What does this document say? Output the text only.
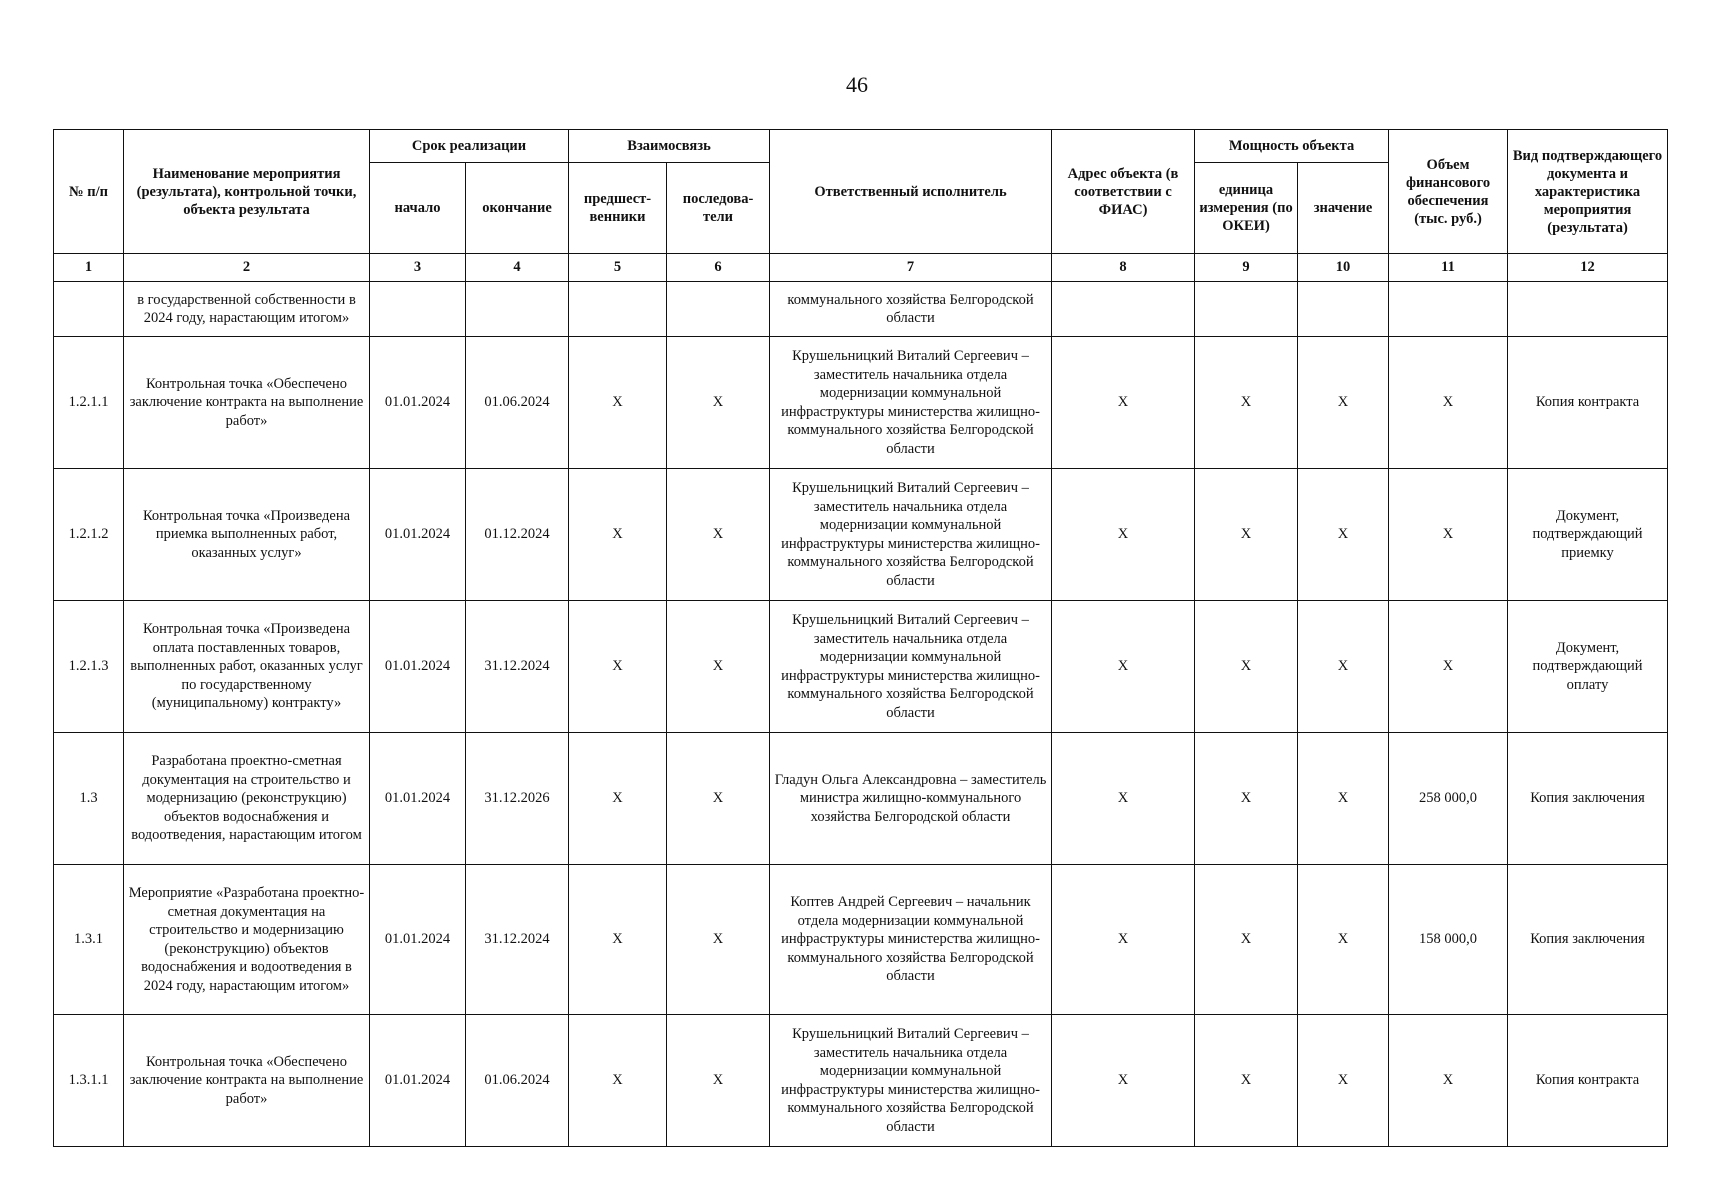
46
№ п/п	Наименование мероприятия (результата), контрольной точки, объекта результата	Срок реализации		Взаимосвязь		Ответственный исполнитель	Адрес объекта (в соответствии с ФИАС)	Мощность объекта		Объем финансового обеспечения (тыс. руб.)	Вид подтверждающего документа и характеристика мероприятия (результата)
		начало	окончание	предшест-венники	последова-тели			единица измерения (по ОКЕИ)	значение		
1	2	3	4	5	6	7	8	9	10	11	12
	в государственной собственности в 2024 году, нарастающим итогом»					коммунального хозяйства Белгородской области					
1.2.1.1	Контрольная точка «Обеспечено заключение контракта на выполнение работ»	01.01.2024	01.06.2024	X	X	Крушельницкий Виталий Сергеевич – заместитель начальника отдела модернизации коммунальной инфраструктуры министерства жилищно-коммунального хозяйства Белгородской области	X	X	X	X	Копия контракта
1.2.1.2	Контрольная точка «Произведена приемка выполненных работ, оказанных услуг»	01.01.2024	01.12.2024	X	X	Крушельницкий Виталий Сергеевич – заместитель начальника отдела модернизации коммунальной инфраструктуры министерства жилищно-коммунального хозяйства Белгородской области	X	X	X	X	Документ, подтверждающий приемку
1.2.1.3	Контрольная точка «Произведена оплата поставленных товаров, выполненных работ, оказанных услуг по государственному (муниципальному) контракту»	01.01.2024	31.12.2024	X	X	Крушельницкий Виталий Сергеевич – заместитель начальника отдела модернизации коммунальной инфраструктуры министерства жилищно-коммунального хозяйства Белгородской области	X	X	X	X	Документ, подтверждающий оплату
1.3	Разработана проектно-сметная документация на строительство и модернизацию (реконструкцию) объектов водоснабжения и водоотведения, нарастающим итогом	01.01.2024	31.12.2026	X	X	Гладун Ольга Александровна – заместитель министра жилищно-коммунального хозяйства Белгородской области	X	X	X	258 000,0	Копия заключения
1.3.1	Мероприятие «Разработана проектно-сметная документация на строительство и модернизацию (реконструкцию) объектов водоснабжения и водоотведения в 2024 году, нарастающим итогом»	01.01.2024	31.12.2024	X	X	Коптев Андрей Сергеевич – начальник отдела модернизации коммунальной инфраструктуры министерства жилищно-коммунального хозяйства Белгородской области	X	X	X	158 000,0	Копия заключения
1.3.1.1	Контрольная точка «Обеспечено заключение контракта на выполнение работ»	01.01.2024	01.06.2024	X	X	Крушельницкий Виталий Сергеевич – заместитель начальника отдела модернизации коммунальной инфраструктуры министерства жилищно-коммунального хозяйства Белгородской области	X	X	X	X	Копия контракта
